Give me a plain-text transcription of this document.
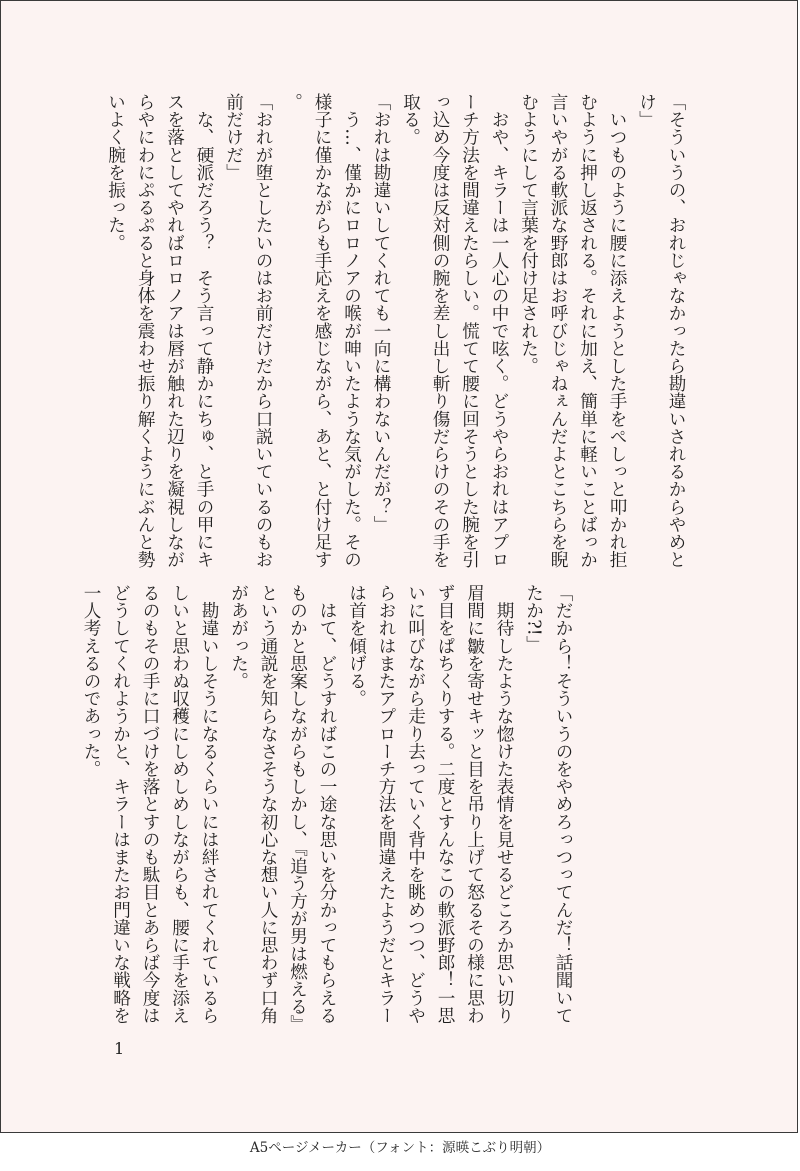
「そういうの、おれじゃなかったら勘違いされるからやめとけ」
　いつものように腰に添えようとした手をぺしっと叩かれ拒むように押し返される。それに加え、簡単に軽いことばっか言いやがる軟派な野郎はお呼びじゃねぇんだよとこちらを睨むようにして言葉を付け足された。
　おや、キラーは一人心の中で呟く。どうやらおれはアプローチ方法を間違えたらしい。慌てて腰に回そうとした腕を引っ込め今度は反対側の腕を差し出し斬り傷だらけのその手を取る。
「おれは勘違いしてくれても一向に構わないんだが？」
　う…、僅かにロロノアの喉が呻いたような気がした。その様子に僅かながらも手応えを感じながら、あと、と付け足す。
「おれが堕としたいのはお前だけだから口説いているのもお前だけだ」
　な、硬派だろう？　そう言って静かにちゅ、と手の甲にキスを落としてやればロロノアは唇が触れた辺りを凝視しながらやにわにぷるぷると身体を震わせ振り解くようにぶんと勢いよく腕を振った。
「だから！そういうのをやめろっつってんだ！話聞いてたか?!」
　期待したような惚けた表情を見せるどころか思い切り眉間に皺を寄せキッと目を吊り上げて怒るその様に思わず目をぱちくりする。二度とすんなこの軟派野郎！一思いに叫びながら走り去っていく背中を眺めつつ、どうやらおれはまたアプローチ方法を間違えたようだとキラーは首を傾げる。
　はて、どうすればこの一途な思いを分かってもらえるものかと思案しながらもしかし、『追う方が男は燃える』という通説を知らなさそうな初心な想い人に思わず口角があがった。
　勘違いしそうになるくらいには絆されてくれているらしいと思わぬ収穫にしめしめしながらも、腰に手を添えるのもその手に口づけを落とすのも駄目とあらば今度はどうしてくれようかと、キラーはまたお門違いな戦略を一人考えるのであった。
1
A5ページメーカー（フォント：源暎こぶり明朝）
